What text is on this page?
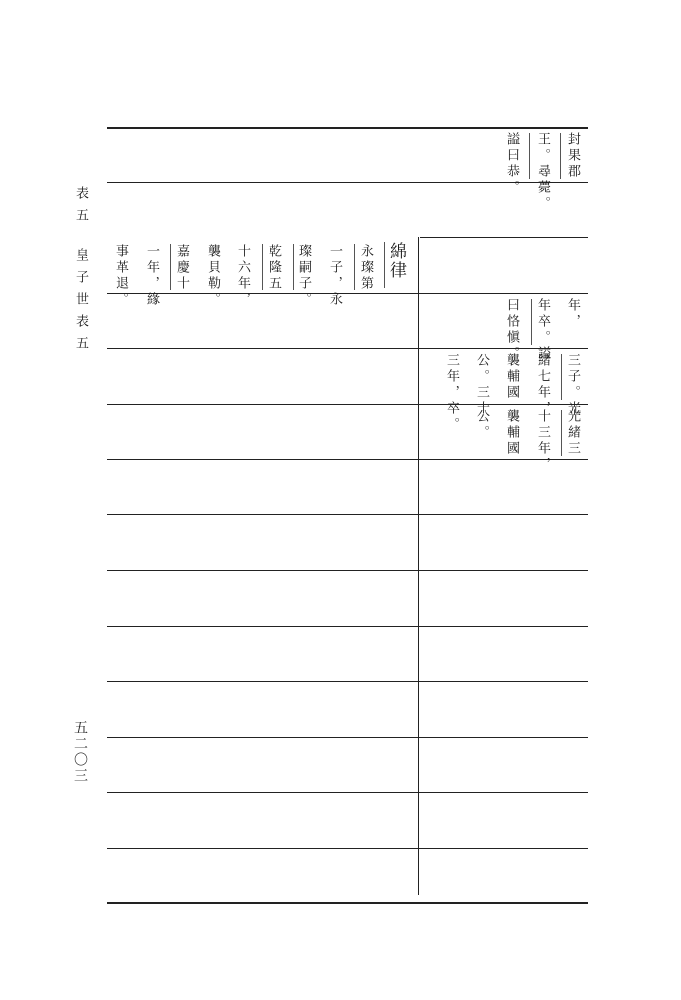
表五
皇子世表五
五二〇三
封果郡
王。尋薨。
謚曰恭。
綿律
永璨第
一子，永
璨嗣子。
乾隆五
十六年，
襲貝勒。
嘉慶十
一年，緣
事革退。
年，
年卒。謚
曰恪愼。
三子。光
緒七年，
襲輔國
公。三十
三年，卒。	光緒三
十三年，
襲輔國
公。
